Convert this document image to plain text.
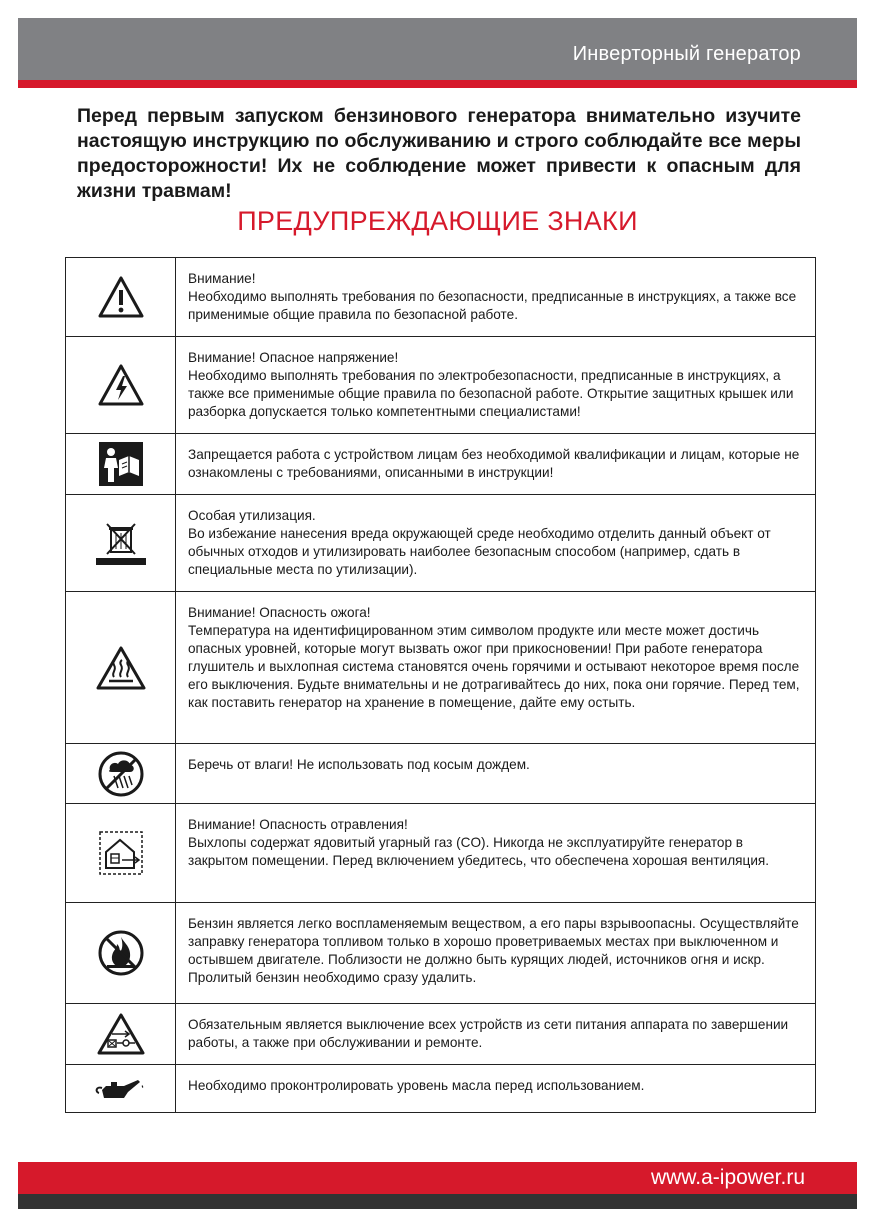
Инверторный генератор
Перед первым запуском бензинового генератора внимательно изучите настоящую инструкцию по обслуживанию и строго соблюдайте все меры предосторожности! Их не соблюдение может привести к опасным для жизни травмам!
ПРЕДУПРЕЖДАЮЩИЕ ЗНАКИ

Внимание!
Необходимо выполнять требования по безопасности, предписанные в инструкциях, а также все применимые общие правила по безопасной работе.

Внимание! Опасное напряжение!
Необходимо выполнять требования по электробезопасности, предписанные в инструкциях, а также все применимые общие правила по безопасной работе. Открытие защитных крышек или разборка допускается только компетентными специалистами!

Запрещается работа с устройством лицам без необходимой квалификации и лицам, которые не ознакомлены с требованиями, описанными в инструкции!

Особая утилизация.
Во избежание нанесения вреда окружающей среде необходимо отделить данный объект от обычных отходов и утилизировать наиболее безопасным способом (например, сдать в специальные места по утилизации).

Внимание! Опасность ожога!
Температура на идентифицированном этим символом продукте или месте может достичь опасных уровней, которые могут вызвать ожог при прикосновении! При работе генератора глушитель и выхлопная система становятся очень горячими и остывают некоторое время после его выключения. Будьте внимательны и не дотрагивайтесь до них, пока они горячие. Перед тем, как поставить генератор на хранение в помещение, дайте ему остыть.

Беречь от влаги! Не использовать под косым дождем.

Внимание! Опасность отравления!
Выхлопы содержат ядовитый угарный газ (CO). Никогда не эксплуатируйте генератор в закрытом помещении. Перед включением убедитесь, что обеспечена хорошая вентиляция.

Бензин является легко воспламеняемым веществом, а его пары взрывоопасны. Осуществляйте заправку генератора топливом только в хорошо проветриваемых местах при выключенном и остывшем двигателе. Поблизости не должно быть курящих людей, источников огня и искр. Пролитый бензин необходимо сразу удалить.

Обязательным является выключение всех устройств из сети питания аппарата по завершении работы, а также при обслуживании и ремонте.

Необходимо проконтролировать уровень масла перед использованием.
www.a-ipower.ru
